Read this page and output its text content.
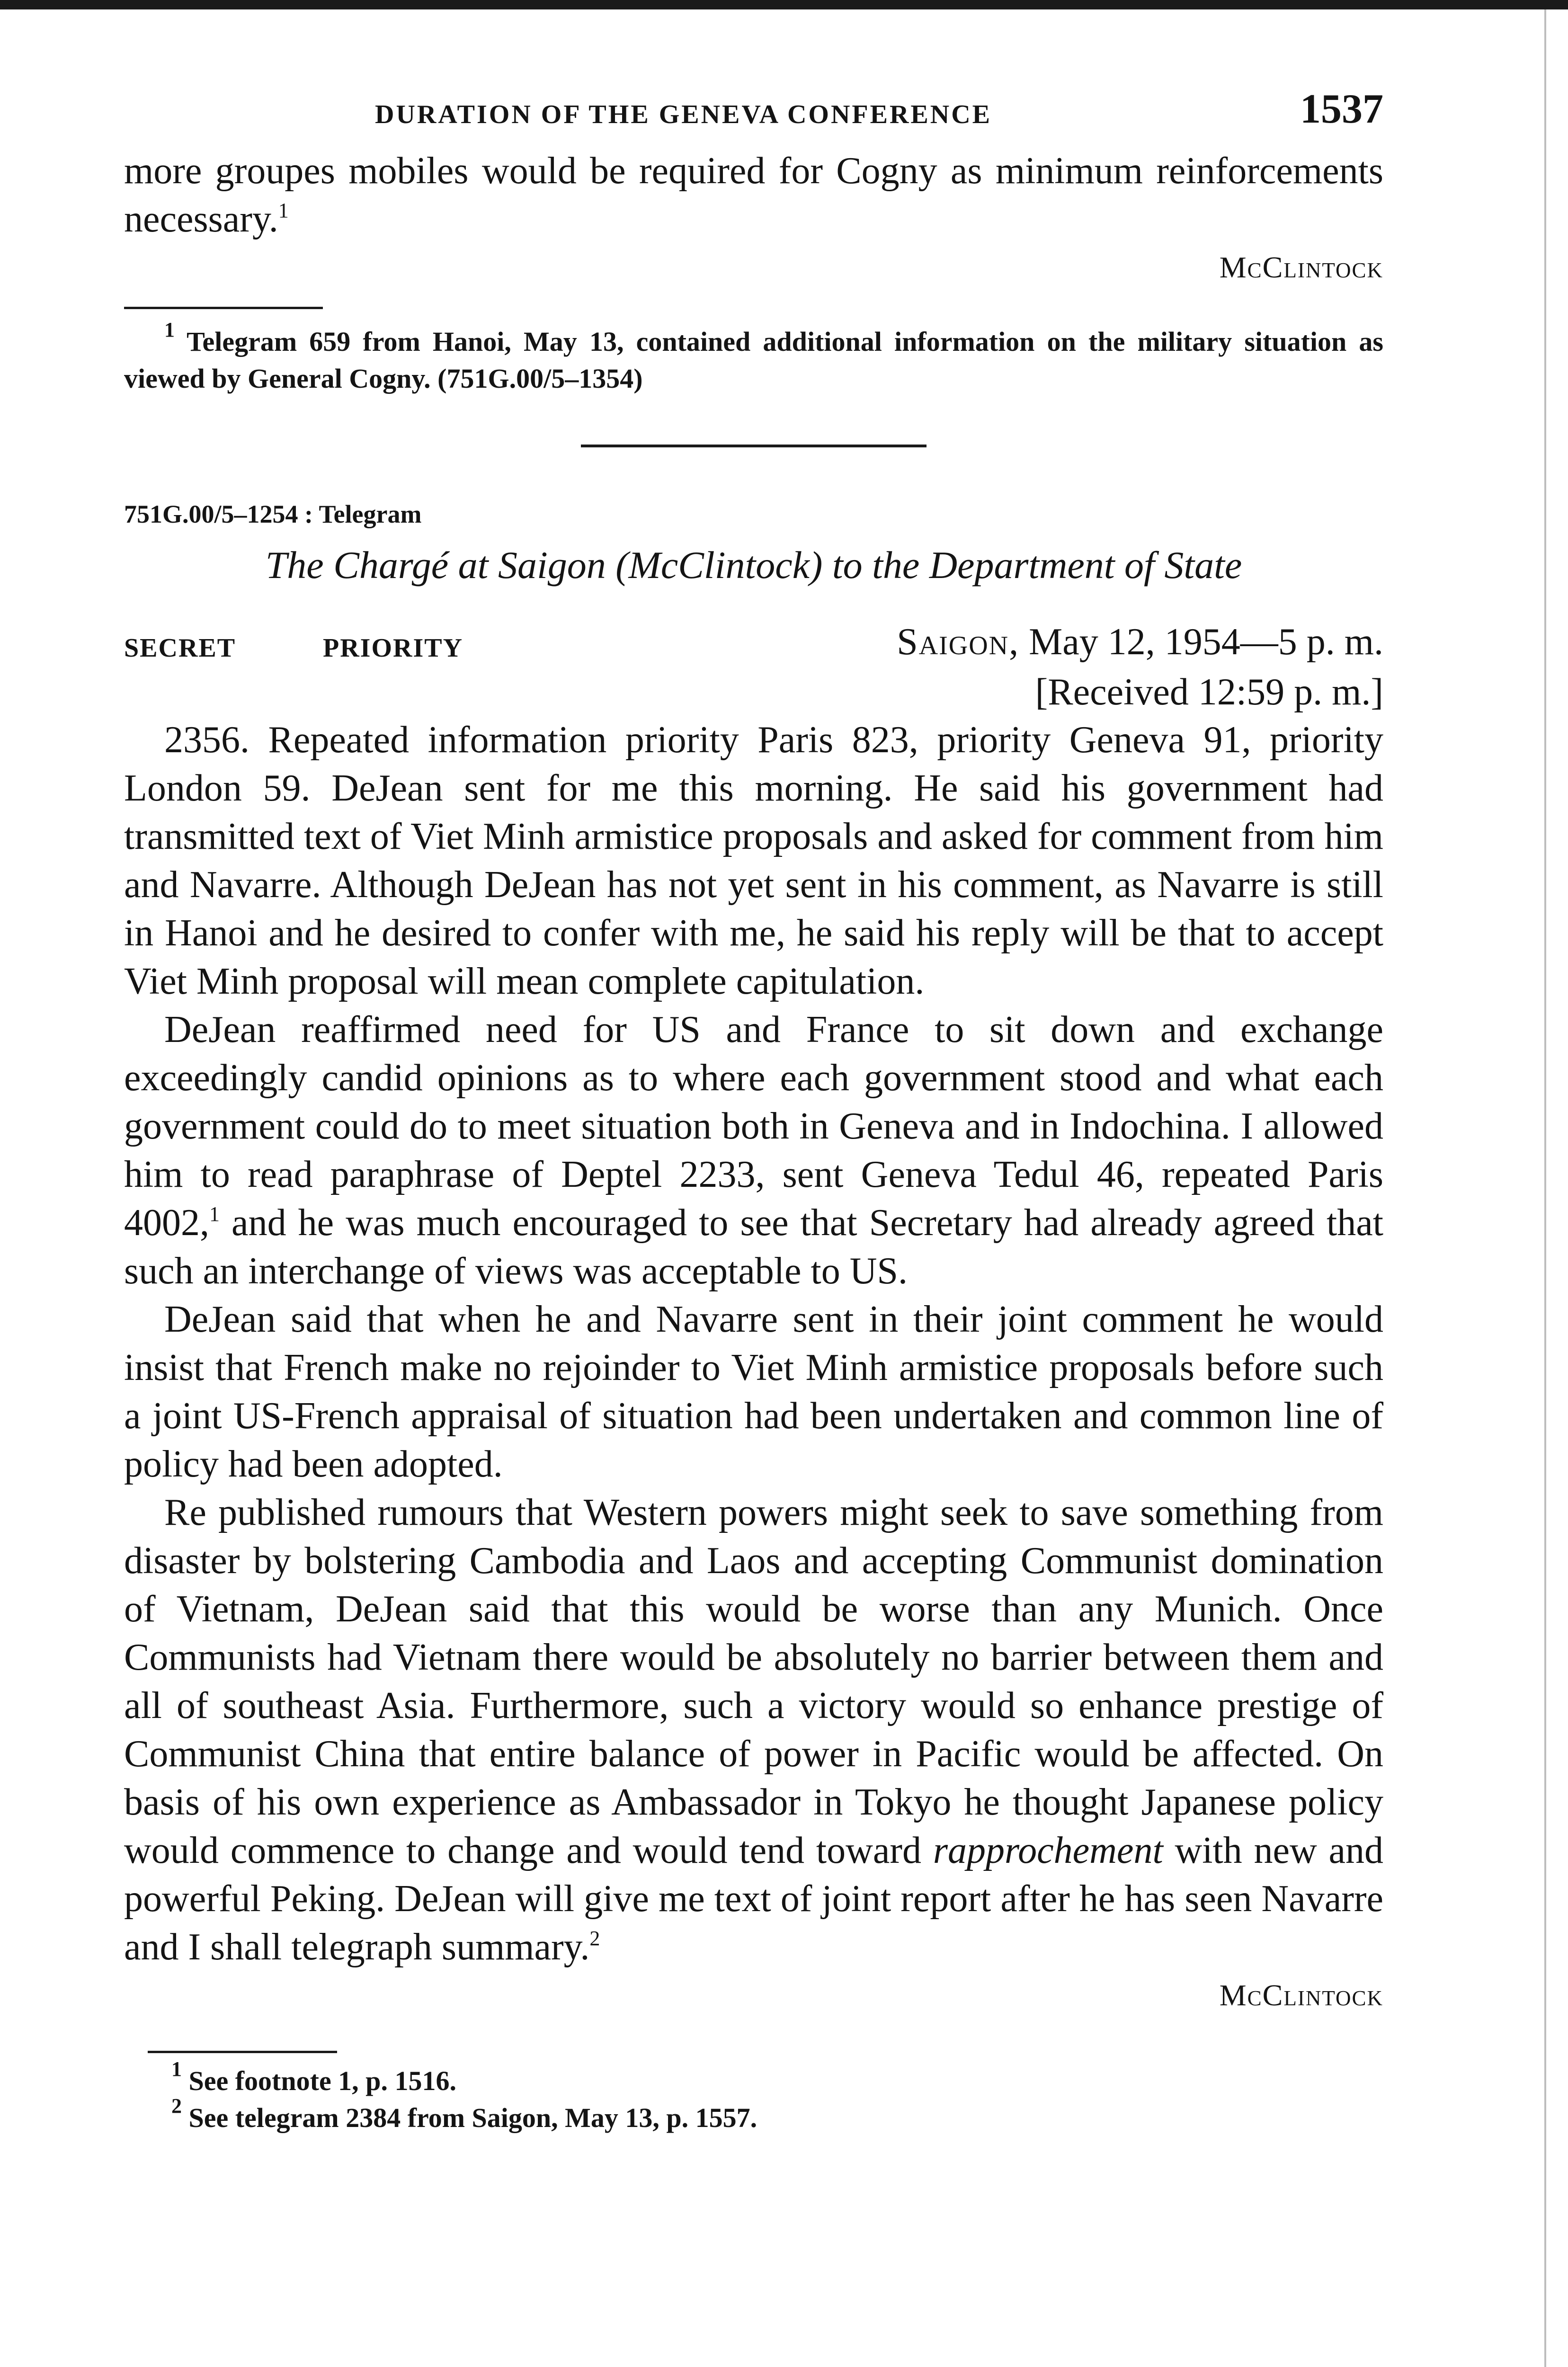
DURATION OF THE GENEVA CONFERENCE	1537

more groupes mobiles would be required for Cogny as minimum reinforcements necessary.$^1$

McClintock

$^1$ Telegram 659 from Hanoi, May 13, contained additional information on the military situation as viewed by General Cogny. (751G.00/5–1354)

751G.00/5–1254 : Telegram
The Chargé at Saigon (McClintock) to the Department of State
SECRET	PRIORITY	Saigon, May 12, 1954—5 p. m.
[Received 12:59 p. m.]

2356. Repeated information priority Paris 823, priority Geneva 91, priority London 59. DeJean sent for me this morning. He said his government had transmitted text of Viet Minh armistice proposals and asked for comment from him and Navarre. Although DeJean has not yet sent in his comment, as Navarre is still in Hanoi and he desired to confer with me, he said his reply will be that to accept Viet Minh proposal will mean complete capitulation.

DeJean reaffirmed need for US and France to sit down and exchange exceedingly candid opinions as to where each government stood and what each government could do to meet situation both in Geneva and in Indochina. I allowed him to read paraphrase of Deptel 2233, sent Geneva Tedul 46, repeated Paris 4002,$^1$ and he was much encouraged to see that Secretary had already agreed that such an interchange of views was acceptable to US.

DeJean said that when he and Navarre sent in their joint comment he would insist that French make no rejoinder to Viet Minh armistice proposals before such a joint US-French appraisal of situation had been undertaken and common line of policy had been adopted.

Re published rumours that Western powers might seek to save something from disaster by bolstering Cambodia and Laos and accepting Communist domination of Vietnam, DeJean said that this would be worse than any Munich. Once Communists had Vietnam there would be absolutely no barrier between them and all of southeast Asia. Furthermore, such a victory would so enhance prestige of Communist China that entire balance of power in Pacific would be affected. On basis of his own experience as Ambassador in Tokyo he thought Japanese policy would commence to change and would tend toward rapprochement with new and powerful Peking. DeJean will give me text of joint report after he has seen Navarre and I shall telegraph summary.$^2$

McClintock
$^1$ See footnote 1, p. 1516.
$^2$ See telegram 2384 from Saigon, May 13, p. 1557.
